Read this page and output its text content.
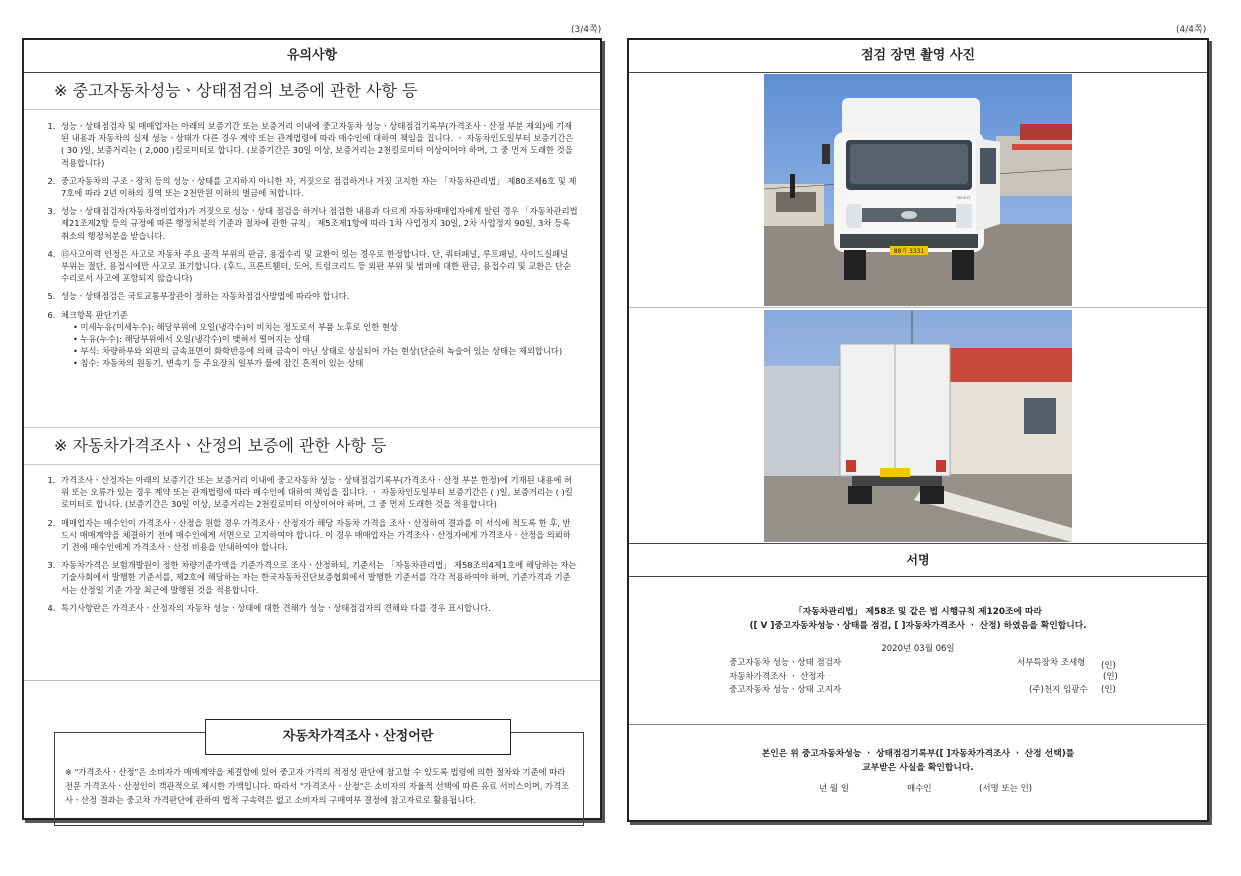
(3/4쪽)	(4/4쪽)
유의사항
※ 중고자동차성능ㆍ상태점검의 보증에 관한 사항 등
1. 성능ㆍ상태점검자 및 매매업자는 아래의 보증기간 또는 보증거리 이내에 중고자동차 성능ㆍ상태점검기록부(가격조사ㆍ산정 부분 제외)에 기재된 내용과 자동차의 실제 성능ㆍ상태가 다른 경우 계약 또는 관계법령에 따라 매수인에 대하여 책임을 집니다. ㆍ 자동차인도일부터 보증기간은 ( 30 )일, 보증거리는 ( 2,000 )킬로미터로 합니다. (보증기간은 30일 이상, 보증거리는 2천킬로미터 이상이어야 하며, 그 중 먼저 도래한 것을 적용합니다)
2. 중고자동차의 구조ㆍ장치 등의 성능ㆍ상태를 고지하지 아니한 자, 거짓으로 점검하거나 거짓 고지한 자는 「자동차관리법」 제80조제6호 및 제7호에 따라 2년 이하의 징역 또는 2천만원 이하의 벌금에 처합니다.
3. 성능ㆍ상태점검자(자동차정비업자)가 거짓으로 성능ㆍ상태 점검을 하거나 점검한 내용과 다르게 자동차매매업자에게 알린 경우 「자동차관리법 제21조제2항 등의 규정에 따른 행정처분의 기준과 절차에 관한 규칙」 제5조제1항에 따라 1차 사업정지 30일, 2차 사업정지 90일, 3차 등록취소의 행정처분을 받습니다.
4. ⑮사고이력 인정은 사고로 자동차 주요 골격 부위의 판금, 용접수리 및 교환이 있는 경우로 한정합니다. 단, 쿼터패널, 루프패널, 사이드실패널 부위는 절단, 용접시에만 사고로 표기합니다. (후드, 프론트휀더, 도어, 트렁크리드 등 외판 부위 및 범퍼에 대한 판금, 용접수리 및 교환은 단순수리로서 사고에 포함되지 않습니다)
5. 성능ㆍ상태점검은 국토교통부장관이 정하는 자동차점검사방법에 따라야 합니다.
6. 체크항목 판단기준
• 미세누유(미세누수): 해당부위에 오일(냉각수)이 비치는 정도로서 부품 노후로 인한 현상
• 누유(누수): 해당부위에서 오일(냉각수)이 맺혀서 떨어지는 상태
• 부식: 차량하부와 외판의 금속표면이 화학반응에 의해 금속이 아닌 상태로 상실되어 가는 현상(단순히 녹슬어 있는 상태는 제외합니다)
• 침수: 자동차의 원동기, 변속기 등 주요장치 일부가 물에 잠긴 흔적이 있는 상태
※ 자동차가격조사ㆍ산정의 보증에 관한 사항 등
1. 가격조사ㆍ산정자는 아래의 보증기간 또는 보증거리 이내에 중고자동차 성능ㆍ상태점검기록부(가격조사ㆍ산정 부분 한정)에 기재된 내용에 허위 또는 오류가 있는 경우 계약 또는 관계법령에 따라 매수인에 대하여 책임을 집니다. ㆍ 자동차인도일부터 보증기간은 ( )일, 보증거리는 ( )킬로미터로 합니다. (보증기간은 30일 이상, 보증거리는 2천킬로미터 이상이어야 하며, 그 중 먼저 도래한 것을 적용합니다)
2. 매매업자는 매수인이 가격조사ㆍ산정을 원할 경우 가격조사ㆍ산정자가 해당 자동차 가격을 조사ㆍ산정하여 결과를 이 서식에 적도록 한 후, 반드시 매매계약을 체결하기 전에 매수인에게 서면으로 고지하여야 합니다. 이 경우 매매업자는 가격조사ㆍ산정자에게 가격조사ㆍ산정을 의뢰하기 전에 매수인에게 가격조사ㆍ산정 비용을 안내하여야 합니다.
3. 자동차가격은 보험개발원이 정한 차량기준가액을 기준가격으로 조사ㆍ산정하되, 기준서는 「자동차관리법」 제58조의4제1호에 해당하는 자는 기술사회에서 발행한 기준서를, 제2호에 해당하는 자는 한국자동차진단보증협회에서 발행한 기준서를 각각 적용하여야 하며, 기준가격과 기준서는 산정일 기준 가장 최근에 발행된 것을 적용합니다.
4. 특기사항란은 가격조사ㆍ산정자의 자동차 성능ㆍ상태에 대한 견해가 성능ㆍ상태점검자의 견해와 다를 경우 표시합니다.
자동차가격조사ㆍ산정어란
※ "가격조사ㆍ산정"은 소비자가 매매계약을 체결함에 있어 중고자 가격의 적정성 판단에 참고할 수 있도록 법령에 의한 절차와 기준에 따라 전문 가격조사ㆍ산정인이 객관적으로 제시한 가액입니다. 따라서 "가격조사ㆍ산정"은 소비자의 자율적 선택에 따른 유료 서비스이며, 가격조사ㆍ산정 결과는 중고차 가격판단에 관하여 법적 구속력은 없고 소비자의 구매여부 결정에 참고자료로 활용됩니다.
점검 장면 촬영 사진
88가 3331
MIGHTY
서명
「자동차관리법」 제58조 및 같은 법 시행규칙 제120조에 따라
([ V ]중고자동차성능ㆍ상태를 점검, [ ]자동차가격조사 ㆍ 산정) 하였음을 확인합니다.
2020년 03월 06일
중고자동차 성능ㆍ상태 점검자	서부특장차 조세형 (인)
자동차가격조사 ㆍ 산정자	(인)
중고자동차 성능ㆍ상태 고지자	(주)천지 임광수 (인)
본인은 위 중고자동차성능 ㆍ 상태점검기록부([ ]자동차가격조사 ㆍ 산정 선택)를
교부받은 사실을 확인합니다.
년 월 일	매수인	(서명 또는 인)
